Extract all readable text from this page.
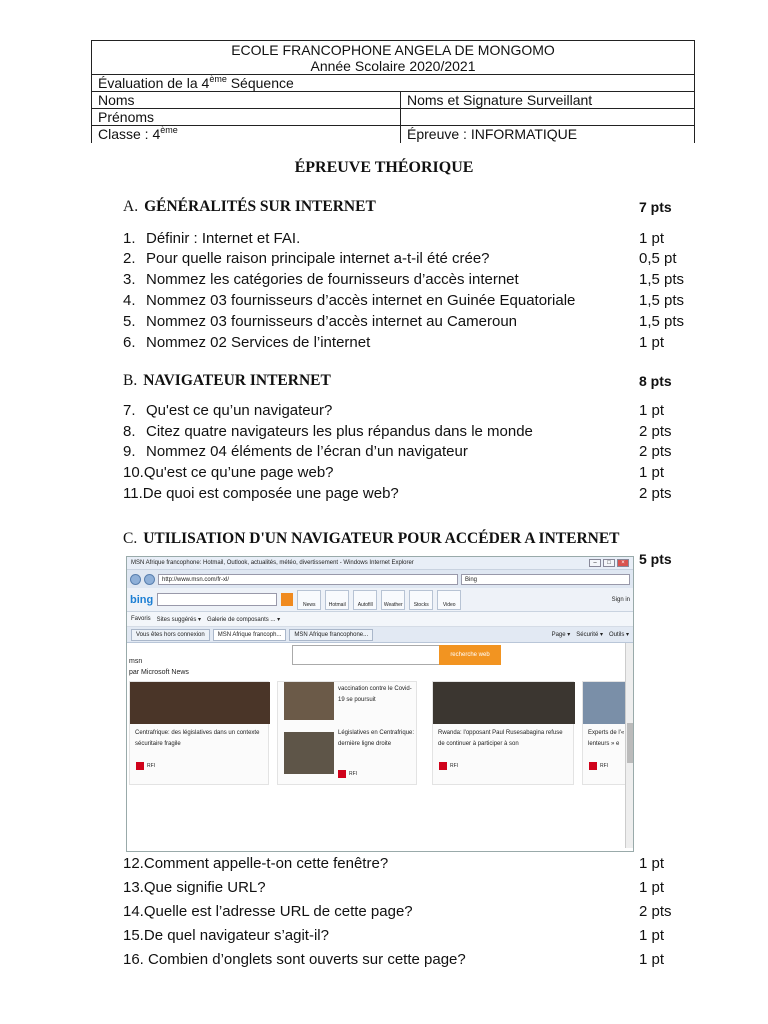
ECOLE FRANCOPHONE ANGELA DE MONGOMO
Année Scolaire 2020/2021
Évaluation de la 4ème Séquence
Noms	Noms et Signature Surveillant
Prénoms
Classe : 4ème	Épreuve : INFORMATIQUE
ÉPREUVE THÉORIQUE
A. GÉNÉRALITÉS SUR INTERNET	7 pts
1. Définir : Internet et FAI.	1 pt
2. Pour quelle raison principale internet a-t-il été crée?	0,5 pt
3. Nommez les catégories de fournisseurs d’accès internet	1,5 pts
4. Nommez 03 fournisseurs d’accès internet en Guinée Equatoriale	1,5 pts
5. Nommez 03 fournisseurs d’accès internet au Cameroun	1,5 pts
6. Nommez 02 Services de l’internet	1 pt
B. NAVIGATEUR INTERNET	8 pts
7. Qu'est ce qu’un navigateur?	1 pt
8. Citez quatre navigateurs les plus répandus dans le monde	2 pts
9. Nommez 04 éléments de l’écran d’un navigateur	2 pts
10.Qu'est ce qu’une page web?	1 pt
11.De quoi est composée une page web?	2 pts
C. UTILISATION D'UN NAVIGATEUR POUR ACCÉDER A INTERNET
5 pts
MSN Afrique francophone: Hotmail, Outlook, actualités, météo, divertissement - Windows Internet Explorer	–	□	×
http://www.msn.com/fr-xl/	Bing
bing	News	Hotmail	Autofill	Weather	Stocks	Video
Sign in
Favoris Sites suggérés ▾ Galerie de composants ... ▾
Vous êtes hors connexion	MSN Afrique francoph...	MSN Afrique francophone...	Page ▾ Sécurité ▾ Outils ▾
msn
par Microsoft News
recherche web
Centrafrique: des législatives dans un contexte sécuritaire fragile
RFI
vaccination contre le Covid-19 se poursuit
Législatives en Centrafrique: dernière ligne droite
RFI
Rwanda: l'opposant Paul Rusesabagina refuse de continuer à participer à son
RFI
Experts de l'« lenteurs » e
RFI
12.Comment appelle-t-on cette fenêtre?	1 pt
13.Que signifie URL?	1 pt
14.Quelle est l’adresse URL de cette page?	2 pts
15.De quel navigateur s’agit-il?	1 pt
16. Combien d’onglets sont ouverts sur cette page?	1 pt
